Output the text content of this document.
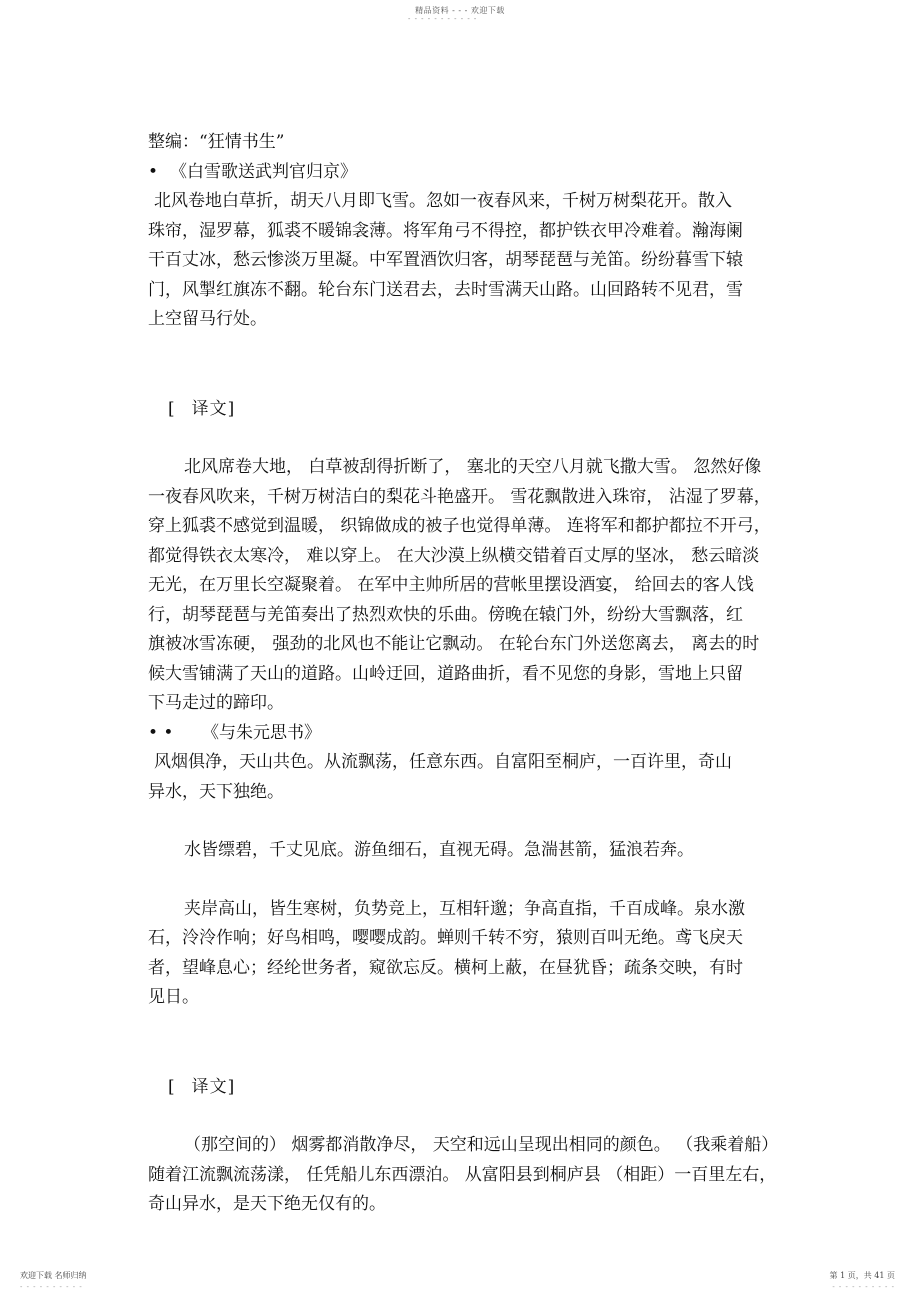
精品资料 - - - 欢迎下载
- - - - - - - - - - -
整编：“狂情书生”
• 《白雪歌送武判官归京》
北风卷地白草折，胡天八月即飞雪。忽如一夜春风来，千树万树梨花开。散入
珠帘，湿罗幕，狐裘不暖锦衾薄。将军角弓不得控，都护铁衣甲冷难着。瀚海阑
干百丈冰，愁云惨淡万里凝。中军置酒饮归客，胡琴琵琶与羌笛。纷纷暮雪下辕
门，风掣红旗冻不翻。轮台东门送君去，去时雪满天山路。山回路转不见君，雪
上空留马行处。
[ 译文]
北风席卷大地， 白草被刮得折断了， 塞北的天空八月就飞撒大雪。 忽然好像
一夜春风吹来，千树万树洁白的梨花斗艳盛开。 雪花飘散进入珠帘， 沾湿了罗幕，
穿上狐裘不感觉到温暖， 织锦做成的被子也觉得单薄。 连将军和都护都拉不开弓，
都觉得铁衣太寒冷， 难以穿上。 在大沙漠上纵横交错着百丈厚的坚冰， 愁云暗淡
无光，在万里长空凝聚着。 在军中主帅所居的营帐里摆设酒宴， 给回去的客人饯
行，胡琴琵琶与羌笛奏出了热烈欢快的乐曲。傍晚在辕门外，纷纷大雪飘落，红
旗被冰雪冻硬， 强劲的北风也不能让它飘动。 在轮台东门外送您离去， 离去的时
候大雪铺满了天山的道路。山岭迂回，道路曲折，看不见您的身影，雪地上只留
下马走过的蹄印。
• • 《与朱元思书》
风烟俱净，天山共色。从流飘荡，任意东西。自富阳至桐庐，一百许里，奇山
异水，天下独绝。
水皆缥碧，千丈见底。游鱼细石，直视无碍。急湍甚箭，猛浪若奔。
夹岸高山，皆生寒树，负势竞上，互相轩邈；争高直指，千百成峰。泉水激
石，泠泠作响；好鸟相鸣，嘤嘤成韵。蝉则千转不穷，猿则百叫无绝。鸢飞戾天
者，望峰息心；经纶世务者，窥欲忘反。横柯上蔽，在昼犹昏；疏条交映，有时
见日。
[ 译文]
（那空间的） 烟雾都消散净尽， 天空和远山呈现出相同的颜色。 （我乘着船）
随着江流飘流荡漾， 任凭船儿东西漂泊。 从富阳县到桐庐县 （相距）一百里左右，
奇山异水，是天下绝无仅有的。
欢迎下载 名师归纳	第 1 页，共 41 页
- - - - - - - - - -	- - - - - - - - - -
